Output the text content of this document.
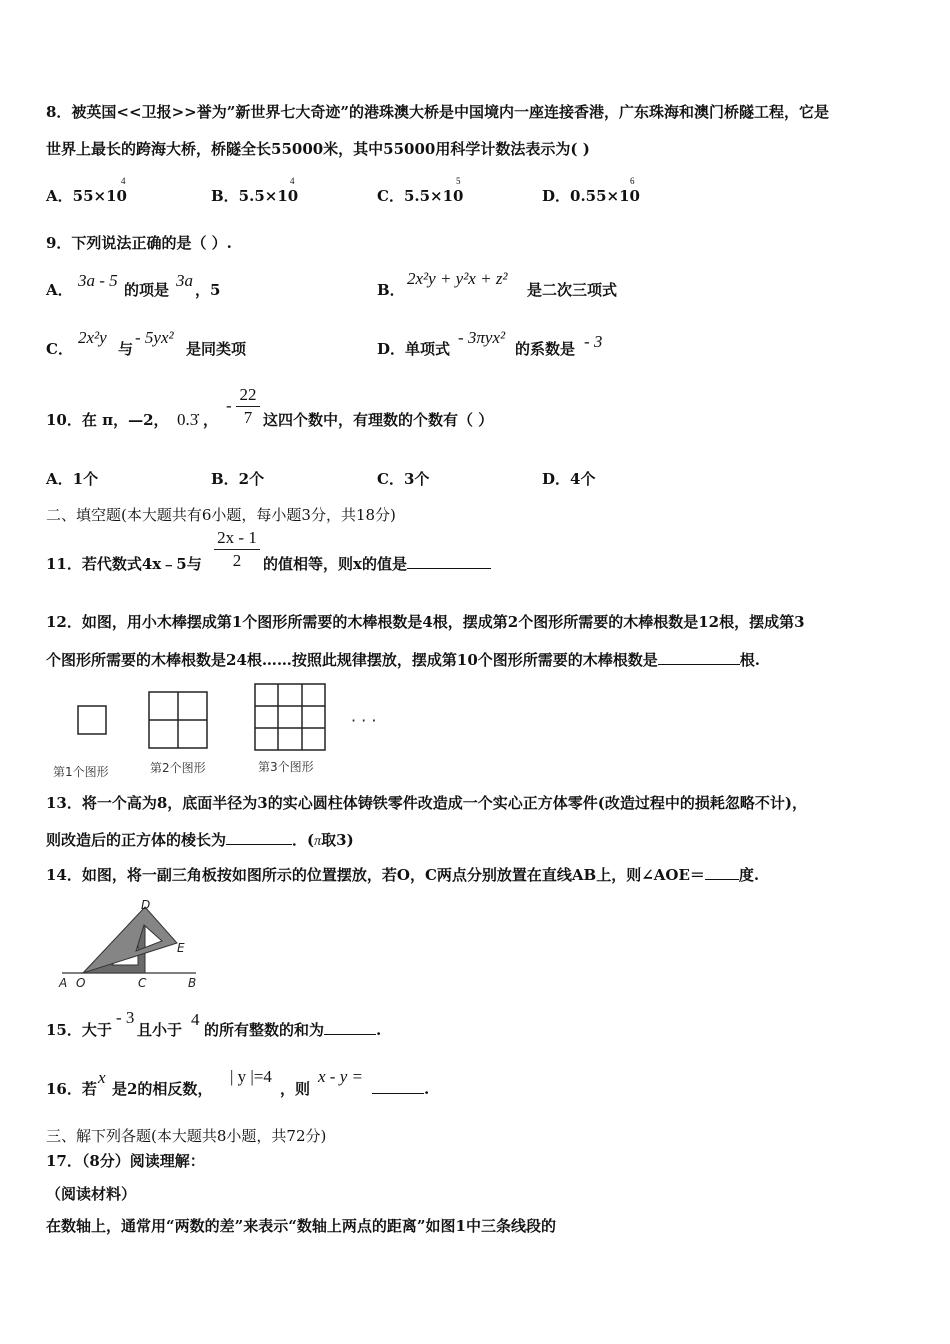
8．被英国<<卫报>>誉为”新世界七大奇迹”的港珠澳大桥是中国境内一座连接香港，广东珠海和澳门桥隧工程，它是
世界上最长的跨海大桥，桥隧全长55000米，其中55000用科学计数法表示为( )
A．55×10
4
B．5.5×10
4
C．5.5×10
5
D．0.55×10
6
9．下列说法正确的是（ ）.
A． 3a - 5 的项是 3a ，5	B．
2x²y + y²x + z²
是二次三项式
C．
2x²y
与
- 5yx²
是同类项	D．单项式
- 3πyx²
的系数是 - 3
10．在 π，—2， 0.3̇ ，
-
22
7 这四个数中，有理数的个数有（ ）
A．1个	B．2个	C．3个	D．4个
二、填空题(本大题共有6小题，每小题3分，共18分)
11．若代数式4x﹣5与
2x - 1
2	的值相等，则x的值是
12．如图，用小木棒摆成第1个图形所需要的木棒根数是4根，摆成第2个图形所需要的木棒根数是12根，摆成第3
个图形所需要的木棒根数是24根……按照此规律摆放，摆成第10个图形所需要的木棒根数是	根.
· · ·
第1个图形	第2个图形	第3个图形
13．将一个高为8，底面半径为3的实心圆柱体铸铁零件改造成一个实心正方体零件(改造过程中的损耗忽略不计)，
则改造后的正方体的棱长为	．(π取3)
14．如图，将一副三角板按如图所示的位置摆放，若O，C两点分别放置在直线AB上，则∠AOE＝ 度.
A O	C	B
D
E
15．大于
- 3
且小于
4
的所有整数的和为	.
16．若
x
是2的相反数，
| y |=4
，则
x - y =
.
三、解下列各题(本大题共8小题，共72分)
17．（8分）阅读理解：
（阅读材料）
在数轴上，通常用“两数的差”来表示“数轴上两点的距离”如图1中三条线段的
